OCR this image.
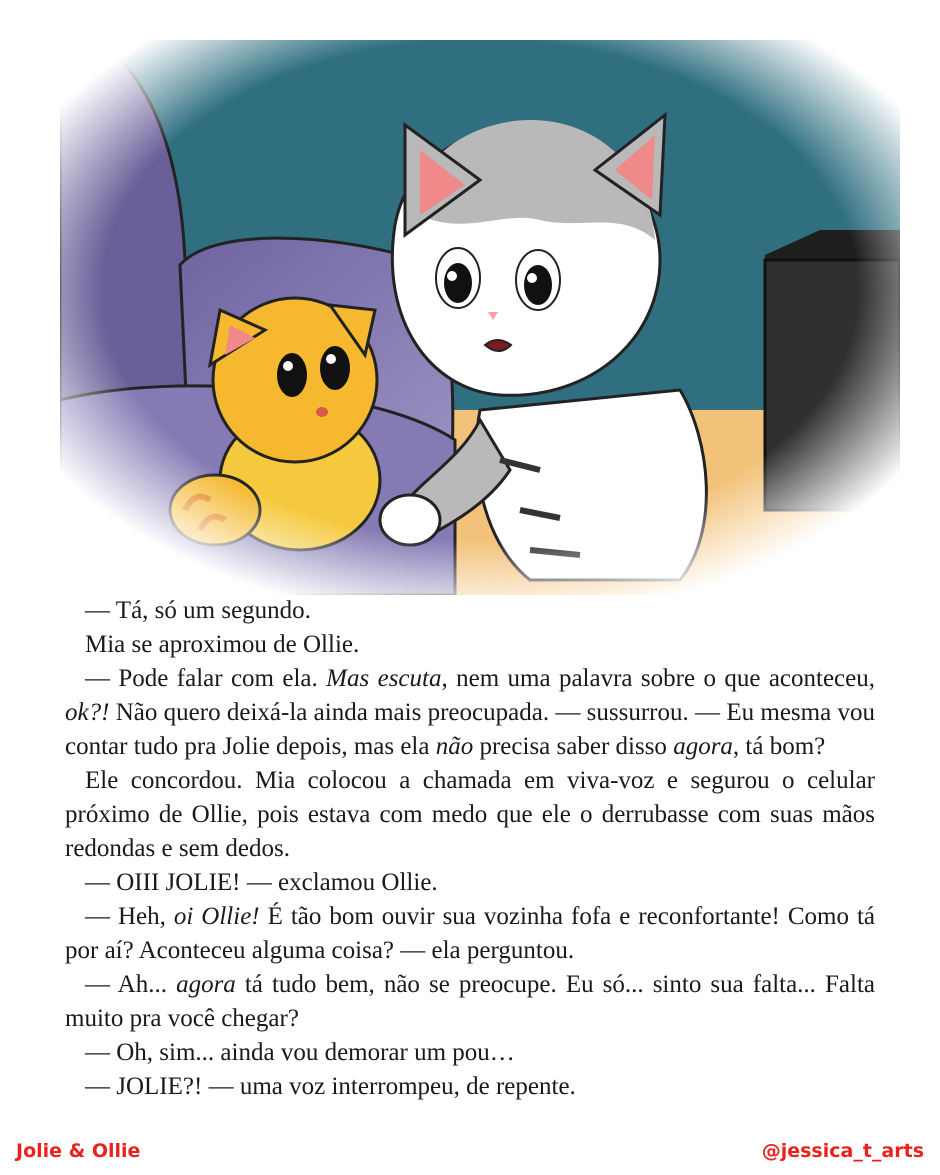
— Tá, só um segundo.

Mia se aproximou de Ollie.

— Pode falar com ela. Mas escuta, nem uma palavra sobre o que aconteceu, ok?! Não quero deixá-la ainda mais preocupada. — sussurrou. — Eu mesma vou contar tudo pra Jolie depois, mas ela não precisa saber disso agora, tá bom?

Ele concordou. Mia colocou a chamada em viva-voz e segurou o celular próximo de Ollie, pois estava com medo que ele o derrubasse com suas mãos redondas e sem dedos.

— OIII JOLIE! — exclamou Ollie.

— Heh, oi Ollie! É tão bom ouvir sua vozinha fofa e reconfortante! Como tá por aí? Aconteceu alguma coisa? — ela perguntou.

— Ah... agora tá tudo bem, não se preocupe. Eu só... sinto sua falta... Falta muito pra você chegar?

— Oh, sim... ainda vou demorar um pou…

— JOLIE?! — uma voz interrompeu, de repente.

Jolie & Ollie	@jessica_t_arts
